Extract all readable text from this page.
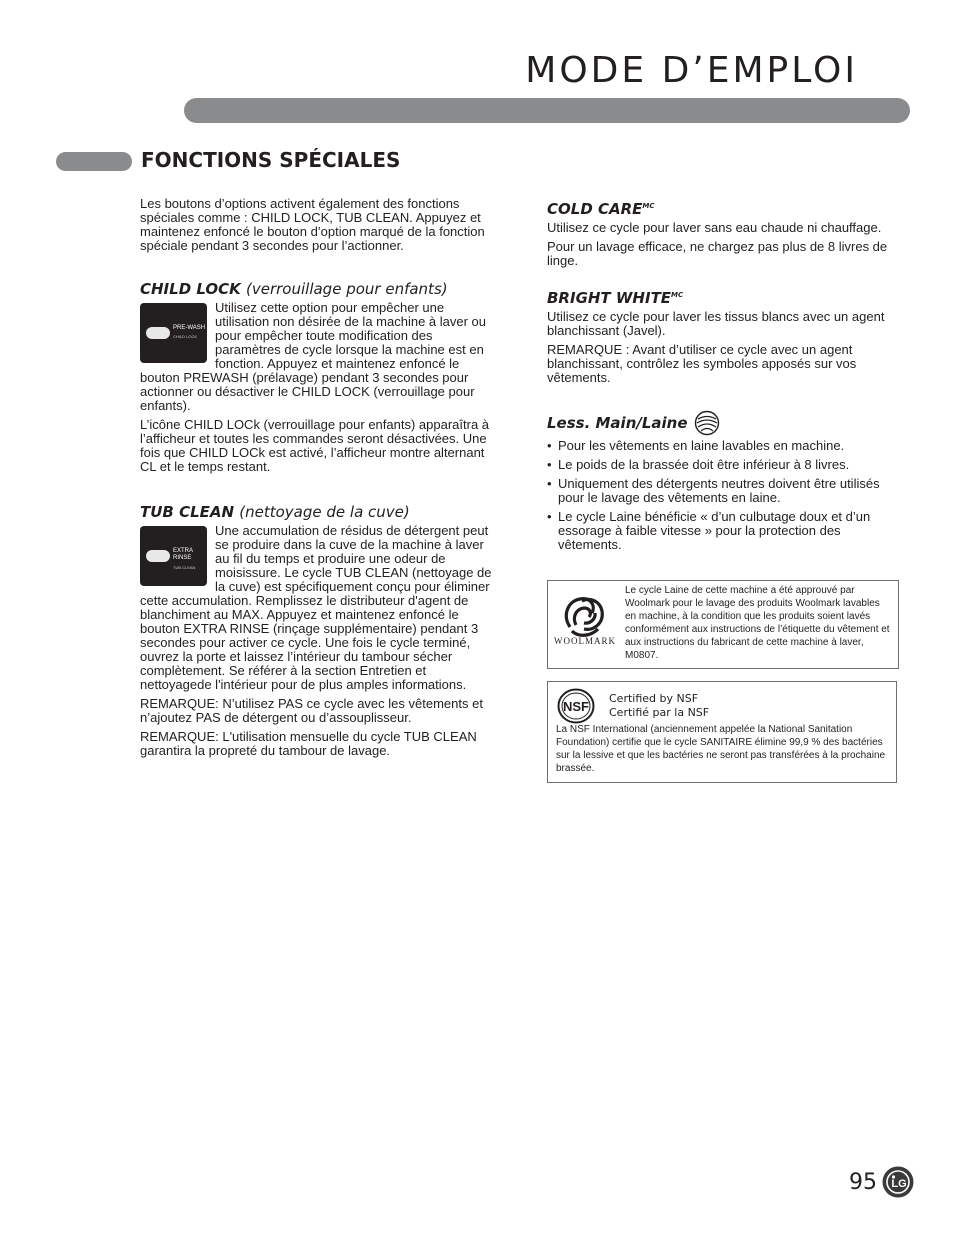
MODE D’EMPLOI
FONCTIONS SPÉCIALES

Les boutons d’options activent également des fonctions spéciales comme : CHILD LOCK, TUB CLEAN. Appuyez et maintenez enfoncé le bouton d’option marqué de la fonction spéciale pendant 3 secondes pour l’actionner.

CHILD LOCK (verrouillage pour enfants)
PRE-WASH
CHILD LOCK

Utilisez cette option pour empêcher une utilisation non désirée de la machine à laver ou pour empêcher toute modification des paramètres de cycle lorsque la machine est en fonction. Appuyez et maintenez enfoncé le bouton PREWASH (prélavage) pendant 3 secondes pour actionner ou désactiver le CHILD LOCK (verrouillage pour enfants).

L’icône CHILD LOCk (verrouillage pour enfants) apparaîtra à l’afficheur et toutes les commandes seront désactivées. Une fois que CHILD LOCk est activé, l’afficheur montre alternant CL et le temps restant.

TUB CLEAN (nettoyage de la cuve)
EXTRA RINSE
TUB CLEAN

Une accumulation de résidus de détergent peut se produire dans la cuve de la machine à laver au fil du temps et produire une odeur de moisissure. Le cycle TUB CLEAN (nettoyage de la cuve) est spécifiquement conçu pour éliminer cette accumulation. Remplissez le distributeur d'agent de blanchiment au MAX. Appuyez et maintenez enfoncé le bouton EXTRA RINSE (rinçage supplémentaire) pendant 3 secondes pour activer ce cycle. Une fois le cycle terminé, ouvrez la porte et laissez l’intérieur du tambour sécher complètement. Se référer à la section Entretien et nettoyagede l'intérieur pour de plus amples informations.

REMARQUE: N’utilisez PAS ce cycle avec les vêtements et n’ajoutez PAS de détergent ou d’assouplisseur.

REMARQUE: L'utilisation mensuelle du cycle TUB CLEAN garantira la propreté du tambour de lavage.

COLD $CARE^{MC}$

Utilisez ce cycle pour laver sans eau chaude ni chauffage.

Pour un lavage efficace, ne chargez pas plus de 8 livres de linge.

BRIGHT $WHITE^{MC}$

Utilisez ce cycle pour laver les tissus blancs avec un agent blanchissant (Javel).

REMARQUE : Avant d’utiliser ce cycle avec un agent blanchissant, contrôlez les symboles apposés sur vos vêtements.

Less. Main/Laine
• Pour les vêtements en laine lavables en machine.
• Le poids de la brassée doit être inférieur à 8 livres.
• Uniquement des détergents neutres doivent être utilisés pour le lavage des vêtements en laine.
• Le cycle Laine bénéficie « d’un culbutage doux et d’un essorage à faible vitesse » pour la protection des vêtements.
WOOLMARK
Le cycle Laine de cette machine a été approuvé par Woolmark pour le lavage des produits Woolmark lavables en machine, à la condition que les produits soient lavés conformément aux instructions de l’étiquette du vêtement et aux instructions du fabricant de cette machine à laver, M0807.
NSF
Certified by NSF
Certifié par la NSF
La NSF International (anciennement appelée la National Sanitation Foundation) certifie que le cycle SANITAIRE élimine 99,9 % des bactéries sur la lessive et que les bactéries ne seront pas transférées à la prochaine brassée.
95 LG
